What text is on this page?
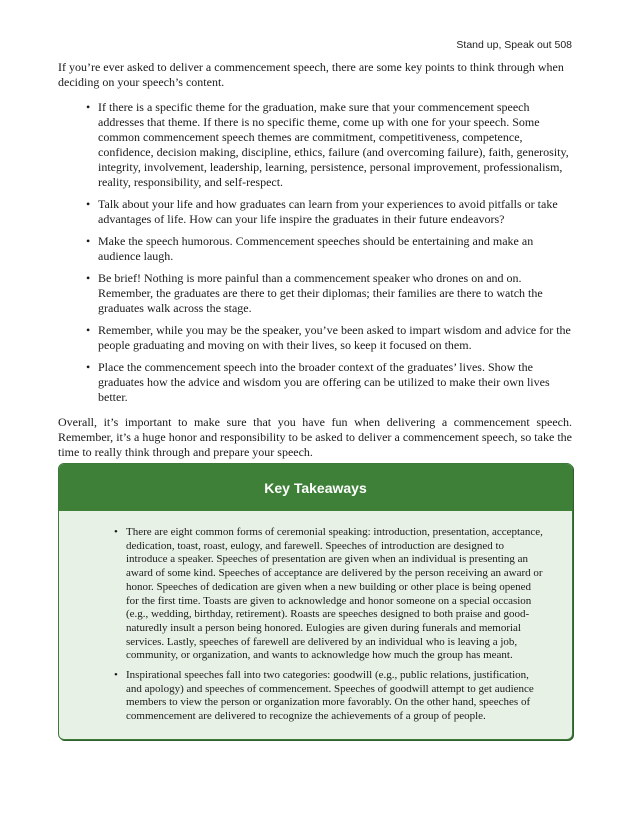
Stand up, Speak out 508

If you’re ever asked to deliver a commencement speech, there are some key points to think through when deciding on your speech’s content.

• If there is a specific theme for the graduation, make sure that your commencement speech addresses that theme. If there is no specific theme, come up with one for your speech. Some common commencement speech themes are commitment, competitiveness, competence, confidence, decision making, discipline, ethics, failure (and overcoming failure), faith, generosity, integrity, involvement, leadership, learning, persistence, personal improvement, professionalism, reality, responsibility, and self-respect.
• Talk about your life and how graduates can learn from your experiences to avoid pitfalls or take advantages of life. How can your life inspire the graduates in their future endeavors?
• Make the speech humorous. Commencement speeches should be entertaining and make an audience laugh.
• Be brief! Nothing is more painful than a commencement speaker who drones on and on. Remember, the graduates are there to get their diplomas; their families are there to watch the graduates walk across the stage.
• Remember, while you may be the speaker, you’ve been asked to impart wisdom and advice for the people graduating and moving on with their lives, so keep it focused on them.
• Place the commencement speech into the broader context of the graduates’ lives. Show the graduates how the advice and wisdom you are offering can be utilized to make their own lives better.

Overall, it’s important to make sure that you have fun when delivering a commencement speech. Remember, it’s a huge honor and responsibility to be asked to deliver a commencement speech, so take the time to really think through and prepare your speech.

Key Takeaways
• There are eight common forms of ceremonial speaking: introduction, presentation, acceptance, dedication, toast, roast, eulogy, and farewell. Speeches of introduction are designed to introduce a speaker. Speeches of presentation are given when an individual is presenting an award of some kind. Speeches of acceptance are delivered by the person receiving an award or honor. Speeches of dedication are given when a new building or other place is being opened for the first time. Toasts are given to acknowledge and honor someone on a special occasion (e.g., wedding, birthday, retirement). Roasts are speeches designed to both praise and good-naturedly insult a person being honored. Eulogies are given during funerals and memorial services. Lastly, speeches of farewell are delivered by an individual who is leaving a job, community, or organization, and wants to acknowledge how much the group has meant.
• Inspirational speeches fall into two categories: goodwill (e.g., public relations, justification, and apology) and speeches of commencement. Speeches of goodwill attempt to get audience members to view the person or organization more favorably. On the other hand, speeches of commencement are delivered to recognize the achievements of a group of people.
